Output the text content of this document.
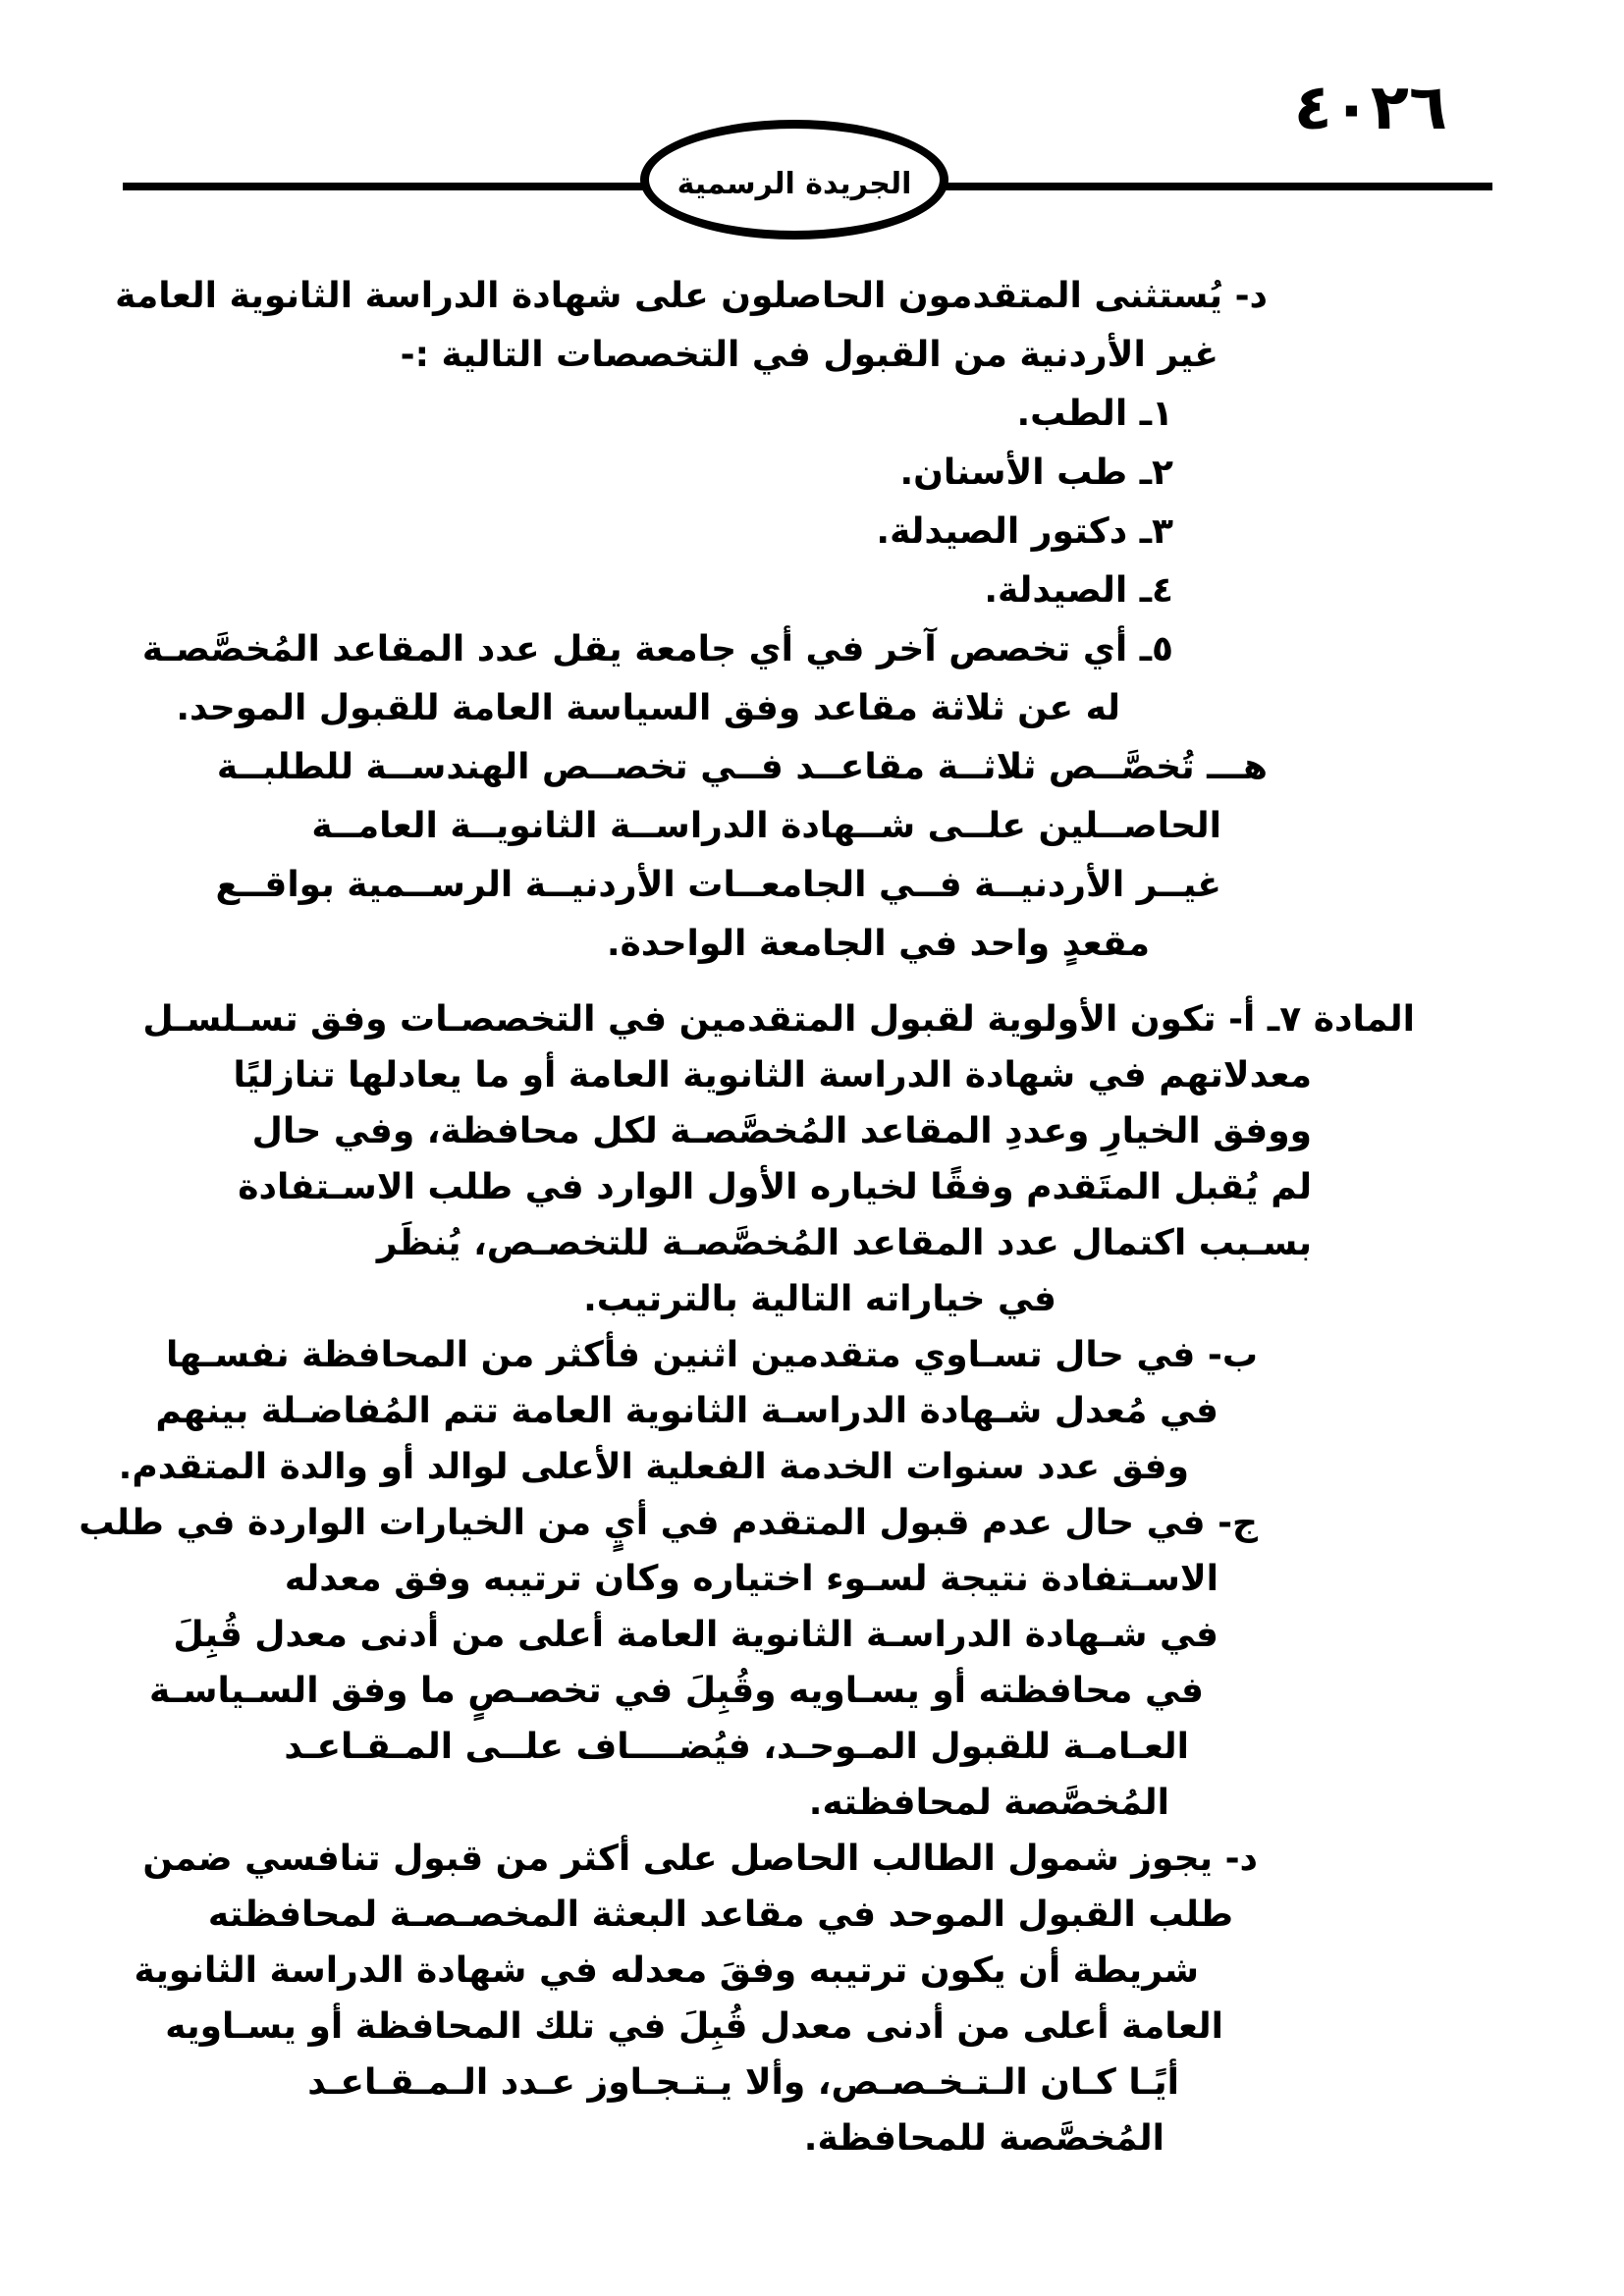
٤٠٢٦
الجريدة الرسمية
د- يُستثنى المتقدمون الحاصلون على شهادة الدراسة الثانوية العامة
غير الأردنية من القبول في التخصصات التالية :-
١ـ الطب.
٢ـ طب الأسنان.
٣ـ دكتور الصيدلة.
٤ـ الصيدلة.
٥ـ أي تخصص آخر في أي جامعة يقل عدد المقاعد المُخصَّصـة
له عن ثلاثة مقاعد وفق السياسة العامة للقبول الموحد.
هـــ تُخصَّــص ثلاثــة مقاعــد فــي تخصــص الهندســة للطلبــة
الحاصــلين علــى شــهادة الدراســة الثانويــة العامــة
غيــر الأردنيــة فــي الجامعــات الأردنيــة الرســمية بواقــع
مقعدٍ واحد في الجامعة الواحدة.
المادة ٧ـ أ- تكون الأولوية لقبول المتقدمين في التخصصـات وفق تسـلسـل
معدلاتهم في شهادة الدراسة الثانوية العامة أو ما يعادلها تنازليًا
ووفق الخيارِ وعددِ المقاعد المُخصَّصـة لكل محافظة، وفي حال
لم يُقبل المتَقدم وفقًا لخياره الأول الوارد في طلب الاسـتفادة
بسـبب اكتمال عدد المقاعد المُخصَّصـة للتخصـص، يُنظَر
في خياراته التالية بالترتيب.
ب- في حال تسـاوي متقدمين اثنين فأكثر من المحافظة نفسـها
في مُعدل شـهادة الدراسـة الثانوية العامة تتم المُفاضـلة بينهم
وفق عدد سنوات الخدمة الفعلية الأعلى لوالد أو والدة المتقدم.
ج- في حال عدم قبول المتقدم في أيٍ من الخيارات الواردة في طلب
الاسـتفادة نتيجة لسـوء اختياره وكان ترتيبه وفق معدله
في شـهادة الدراسـة الثانوية العامة أعلى من أدنى معدل قُبِلَ
في محافظته أو يسـاويه وقُبِلَ في تخصـصٍ ما وفق السـياسـة
العـامـة للقبول المـوحـد، فيُضــــاف علــى المـقـاعـد
المُخصَّصة لمحافظته.
د- يجوز شمول الطالب الحاصل على أكثر من قبول تنافسي ضمن
طلب القبول الموحد في مقاعد البعثة المخصـصـة لمحافظته
شريطة أن يكون ترتيبه وفقَ معدله في شهادة الدراسة الثانوية
العامة أعلى من أدنى معدل قُبِلَ في تلك المحافظة أو يسـاويه
أيًـا كـان الـتـخـصـص، وألا يـتـجـاوز عـدد الـمـقـاعـد
المُخصَّصة للمحافظة.
